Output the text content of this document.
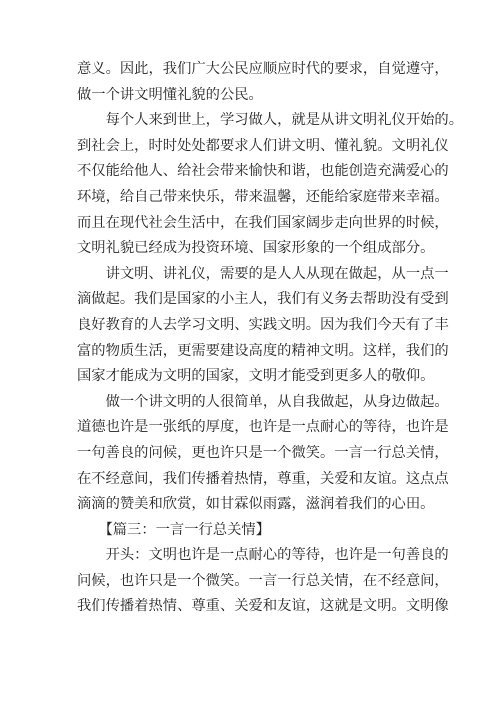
意义。因此，我们广大公民应顺应时代的要求，自觉遵守，
做一个讲文明懂礼貌的公民。
　　每个人来到世上，学习做人，就是从讲文明礼仪开始的。
到社会上，时时处处都要求人们讲文明、懂礼貌。文明礼仪
不仅能给他人、给社会带来愉快和谐，也能创造充满爱心的
环境，给自己带来快乐，带来温馨，还能给家庭带来幸福。
而且在现代社会生活中，在我们国家阔步走向世界的时候，
文明礼貌已经成为投资环境、国家形象的一个组成部分。
　　讲文明、讲礼仪，需要的是人人从现在做起，从一点一
滴做起。我们是国家的小主人，我们有义务去帮助没有受到
良好教育的人去学习文明、实践文明。因为我们今天有了丰
富的物质生活，更需要建设高度的精神文明。这样，我们的
国家才能成为文明的国家，文明才能受到更多人的敬仰。
　　做一个讲文明的人很简单，从自我做起，从身边做起。
道德也许是一张纸的厚度，也许是一点耐心的等待，也许是
一句善良的问候，更也许只是一个微笑。一言一行总关情，
在不经意间，我们传播着热情，尊重，关爱和友谊。这点点
滴滴的赞美和欣赏，如甘霖似雨露，滋润着我们的心田。
　　【篇三：一言一行总关情】
　　开头：文明也许是一点耐心的等待，也许是一句善良的
问候，也许只是一个微笑。一言一行总关情，在不经意间，
我们传播着热情、尊重、关爱和友谊，这就是文明。文明像
